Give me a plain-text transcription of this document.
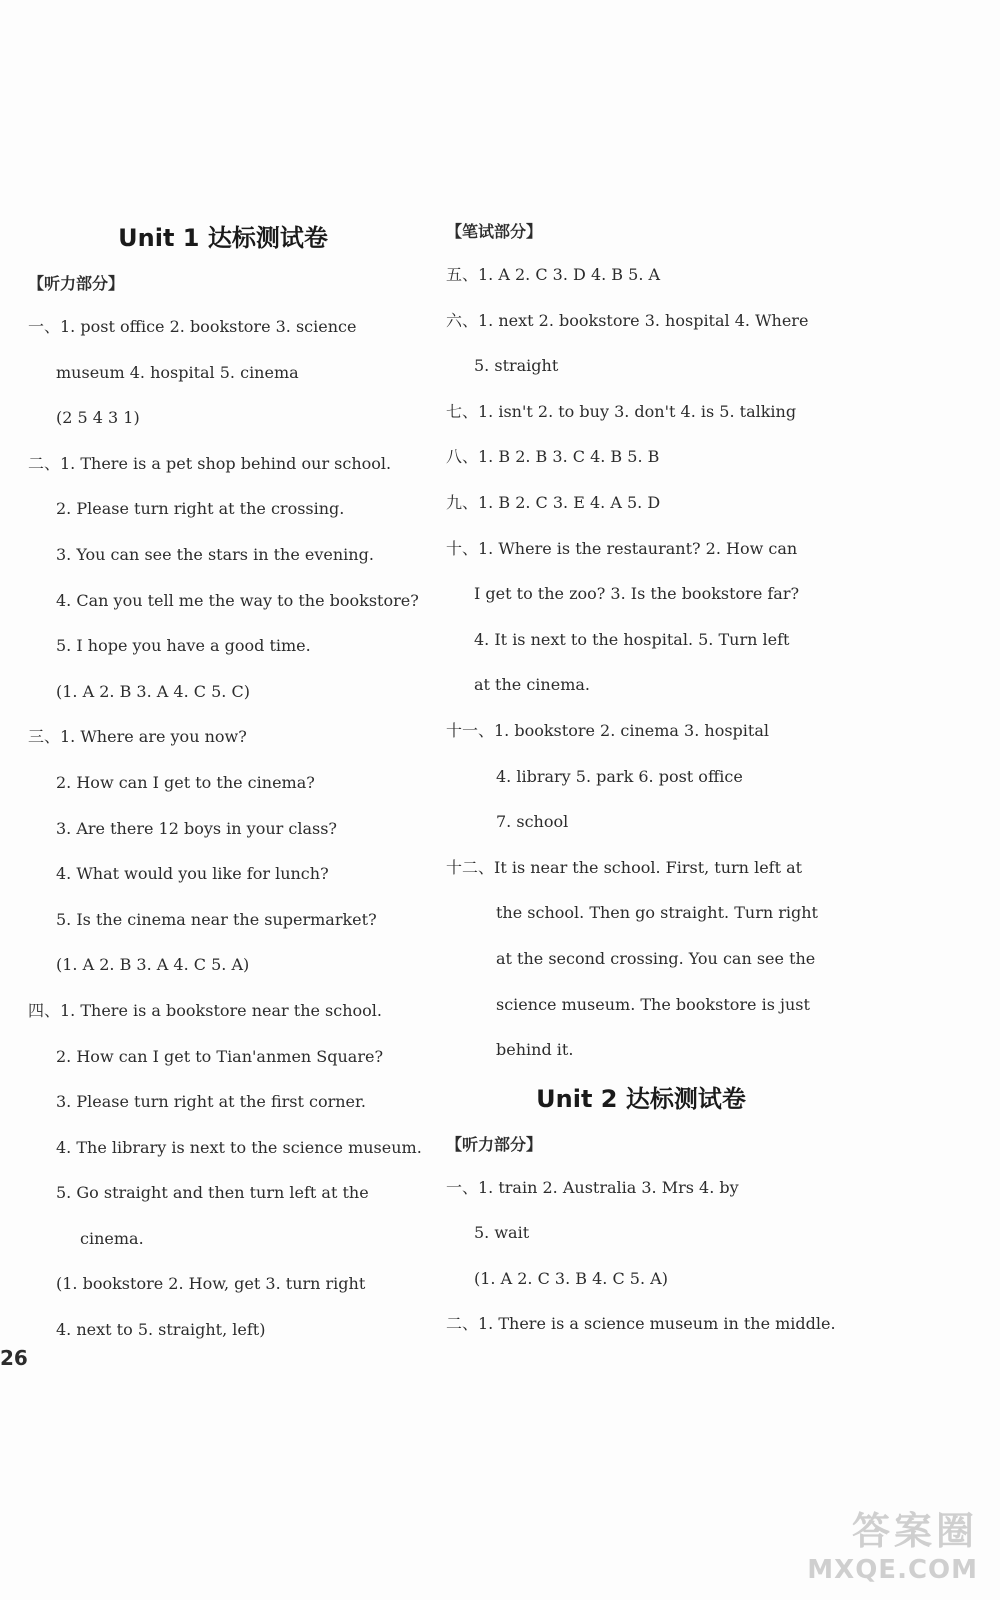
Unit 1 达标测试卷
【听力部分】
一、1. post office 2. bookstore 3. science
museum 4. hospital 5. cinema
(2 5 4 3 1)
二、1. There is a pet shop behind our school.
2. Please turn right at the crossing.
3. You can see the stars in the evening.
4. Can you tell me the way to the bookstore?
5. I hope you have a good time.
(1. A 2. B 3. A 4. C 5. C)
三、1. Where are you now?
2. How can I get to the cinema?
3. Are there 12 boys in your class?
4. What would you like for lunch?
5. Is the cinema near the supermarket?
(1. A 2. B 3. A 4. C 5. A)
四、1. There is a bookstore near the school.
2. How can I get to Tian'anmen Square?
3. Please turn right at the first corner.
4. The library is next to the science museum.
5. Go straight and then turn left at the
cinema.
(1. bookstore 2. How, get 3. turn right
4. next to 5. straight, left)
【笔试部分】
五、1. A 2. C 3. D 4. B 5. A
六、1. next 2. bookstore 3. hospital 4. Where
5. straight
七、1. isn't 2. to buy 3. don't 4. is 5. talking
八、1. B 2. B 3. C 4. B 5. B
九、1. B 2. C 3. E 4. A 5. D
十、1. Where is the restaurant? 2. How can
I get to the zoo? 3. Is the bookstore far?
4. It is next to the hospital. 5. Turn left
at the cinema.
十一、1. bookstore 2. cinema 3. hospital
4. library 5. park 6. post office
7. school
十二、It is near the school. First, turn left at
the school. Then go straight. Turn right
at the second crossing. You can see the
science museum. The bookstore is just
behind it.
Unit 2 达标测试卷
【听力部分】
一、1. train 2. Australia 3. Mrs 4. by
5. wait
(1. A 2. C 3. B 4. C 5. A)
二、1. There is a science museum in the middle.
26
答案圈
MXQE.COM
